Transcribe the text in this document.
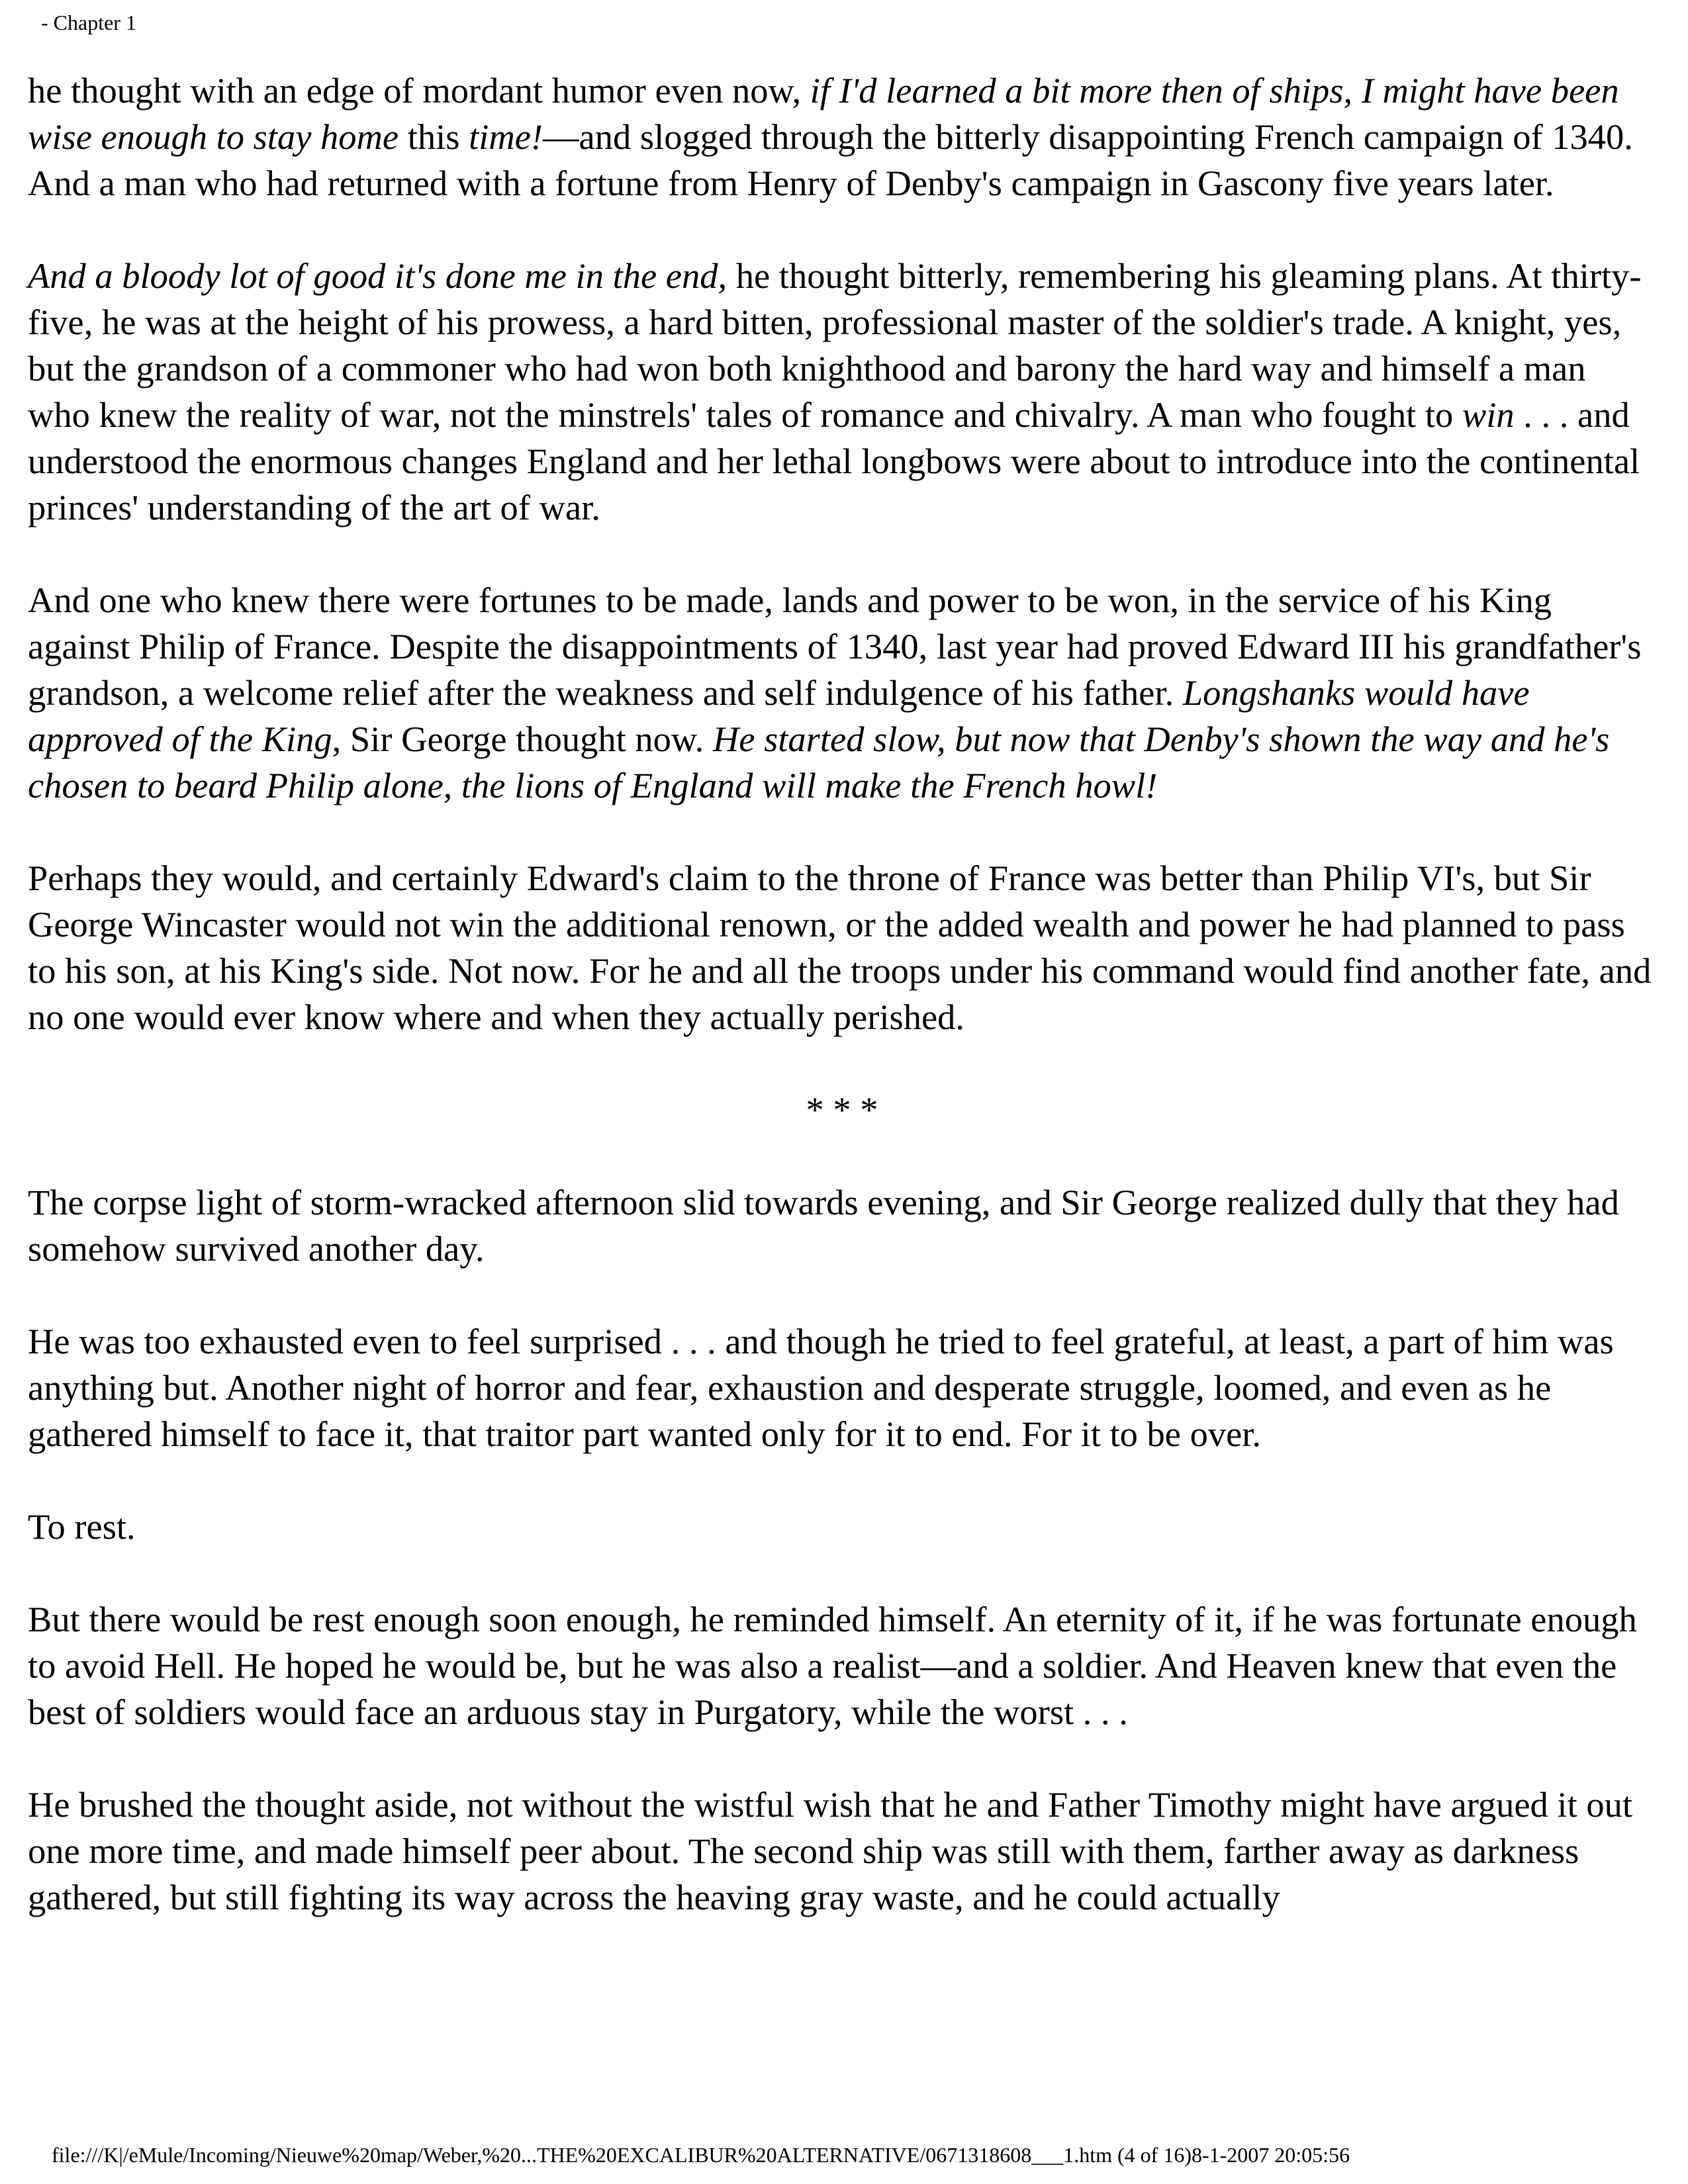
- Chapter 1

he thought with an edge of mordant humor even now, if I'd learned a bit more then of ships, I might have been wise enough to stay home this time!—and slogged through the bitterly disappointing French campaign of 1340. And a man who had returned with a fortune from Henry of Denby's campaign in Gascony five years later.

And a bloody lot of good it's done me in the end, he thought bitterly, remembering his gleaming plans. At thirty-five, he was at the height of his prowess, a hard bitten, professional master of the soldier's trade. A knight, yes, but the grandson of a commoner who had won both knighthood and barony the hard way and himself a man who knew the reality of war, not the minstrels' tales of romance and chivalry. A man who fought to win . . . and understood the enormous changes England and her lethal longbows were about to introduce into the continental princes' understanding of the art of war.

And one who knew there were fortunes to be made, lands and power to be won, in the service of his King against Philip of France. Despite the disappointments of 1340, last year had proved Edward III his grandfather's grandson, a welcome relief after the weakness and self indulgence of his father. Longshanks would have approved of the King, Sir George thought now. He started slow, but now that Denby's shown the way and he's chosen to beard Philip alone, the lions of England will make the French howl!

Perhaps they would, and certainly Edward's claim to the throne of France was better than Philip VI's, but Sir George Wincaster would not win the additional renown, or the added wealth and power he had planned to pass to his son, at his King's side. Not now. For he and all the troops under his command would find another fate, and no one would ever know where and when they actually perished.

* * *

The corpse light of storm-wracked afternoon slid towards evening, and Sir George realized dully that they had somehow survived another day.

He was too exhausted even to feel surprised . . . and though he tried to feel grateful, at least, a part of him was anything but. Another night of horror and fear, exhaustion and desperate struggle, loomed, and even as he gathered himself to face it, that traitor part wanted only for it to end. For it to be over.

To rest.

But there would be rest enough soon enough, he reminded himself. An eternity of it, if he was fortunate enough to avoid Hell. He hoped he would be, but he was also a realist—and a soldier. And Heaven knew that even the best of soldiers would face an arduous stay in Purgatory, while the worst . . .

He brushed the thought aside, not without the wistful wish that he and Father Timothy might have argued it out one more time, and made himself peer about. The second ship was still with them, farther away as darkness gathered, but still fighting its way across the heaving gray waste, and he could actually

file:///K|/eMule/Incoming/Nieuwe%20map/Weber,%20...THE%20EXCALIBUR%20ALTERNATIVE/0671318608___1.htm (4 of 16)8-1-2007 20:05:56
